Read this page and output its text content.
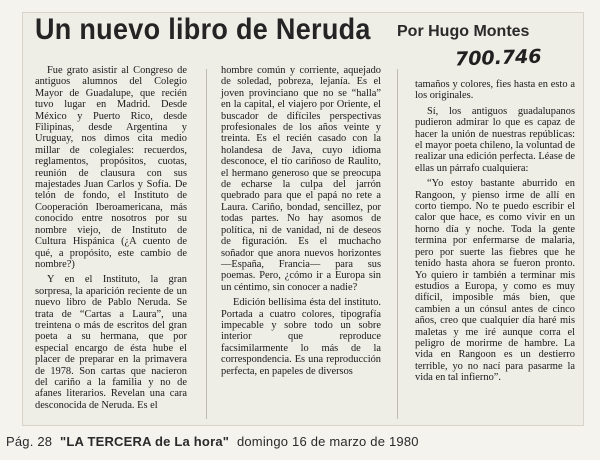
Un nuevo libro de Neruda Por Hugo Montes
700.746

Fue grato asistir al Congreso de antiguos alumnos del Colegio Mayor de Guadalupe, que recién tuvo lugar en Madrid. Desde México y Puerto Rico, desde Filipinas, desde Argentina y Uruguay, nos dimos cita medio millar de colegiales: recuerdos, reglamentos, propósitos, cuotas, reunión de clausura con sus majestades Juan Carlos y Sofía. De telón de fondo, el Instituto de Cooperación Iberoamericana, más conocido entre nosotros por su nombre viejo, de Instituto de Cultura Hispánica (¿A cuento de qué, a propósito, este cambio de nombre?)

Y en el Instituto, la gran sorpresa, la aparición reciente de un nuevo libro de Pablo Neruda. Se trata de “Cartas a Laura”, una treintena o más de escritos del gran poeta a su hermana, que por especial encargo de ésta hube el placer de preparar en la primavera de 1978. Son cartas que nacieron del cariño a la familia y no de afanes literarios. Revelan una cara desconocida de Neruda. Es el

hombre común y corriente, aquejado de soledad, pobreza, lejanía. Es el joven provinciano que no se “halla” en la capital, el viajero por Oriente, el buscador de difíciles perspectivas profesionales de los años veinte y treinta. Es el recién casado con la holandesa de Java, cuyo idioma desconoce, el tío cariñoso de Raulito, el hermano generoso que se preocupa de echarse la culpa del jarrón quebrado para que el papá no rete a Laura. Cariño, bondad, sencillez, por todas partes. No hay asomos de política, ni de vanidad, ni de deseos de figuración. Es el muchacho soñador que anora nuevos horizontes —España, Francia— para sus poemas. Pero, ¿cómo ir a Europa sin un céntimo, sin conocer a nadie?

Edición bellísima ésta del instituto. Portada a cuatro colores, tipografía impecable y sobre todo un sobre interior que reproduce facsimilarmente lo más de la correspondencia. Es una reproducción perfecta, en papeles de diversos

tamaños y colores, fies hasta en esto a los originales.

Sí, los antiguos guadalupanos pudieron admirar lo que es capaz de hacer la unión de nuestras repúblicas: el mayor poeta chileno, la voluntad de realizar una edición perfecta. Léase de ellas un párrafo cualquiera:

“Yo estoy bastante aburrido en Rangoon, y pienso irme de allí en corto tiempo. No te puedo escribir el calor que hace, es como vivir en un horno día y noche. Toda la gente termina por enfermarse de malaria, pero por suerte las fiebres que he tenido hasta ahora se fueron pronto. Yo quiero ir también a terminar mis estudios a Europa, y como es muy difícil, imposible más bien, que cambien a un cónsul antes de cinco años, creo que cualquier día haré mis maletas y me iré aunque corra el peligro de morirme de hambre. La vida en Rangoon es un destierro terrible, yo no nací para pasarme la vida en tal infierno”.

Pág. 28 "LA TERCERA de La hora" domingo 16 de marzo de 1980
